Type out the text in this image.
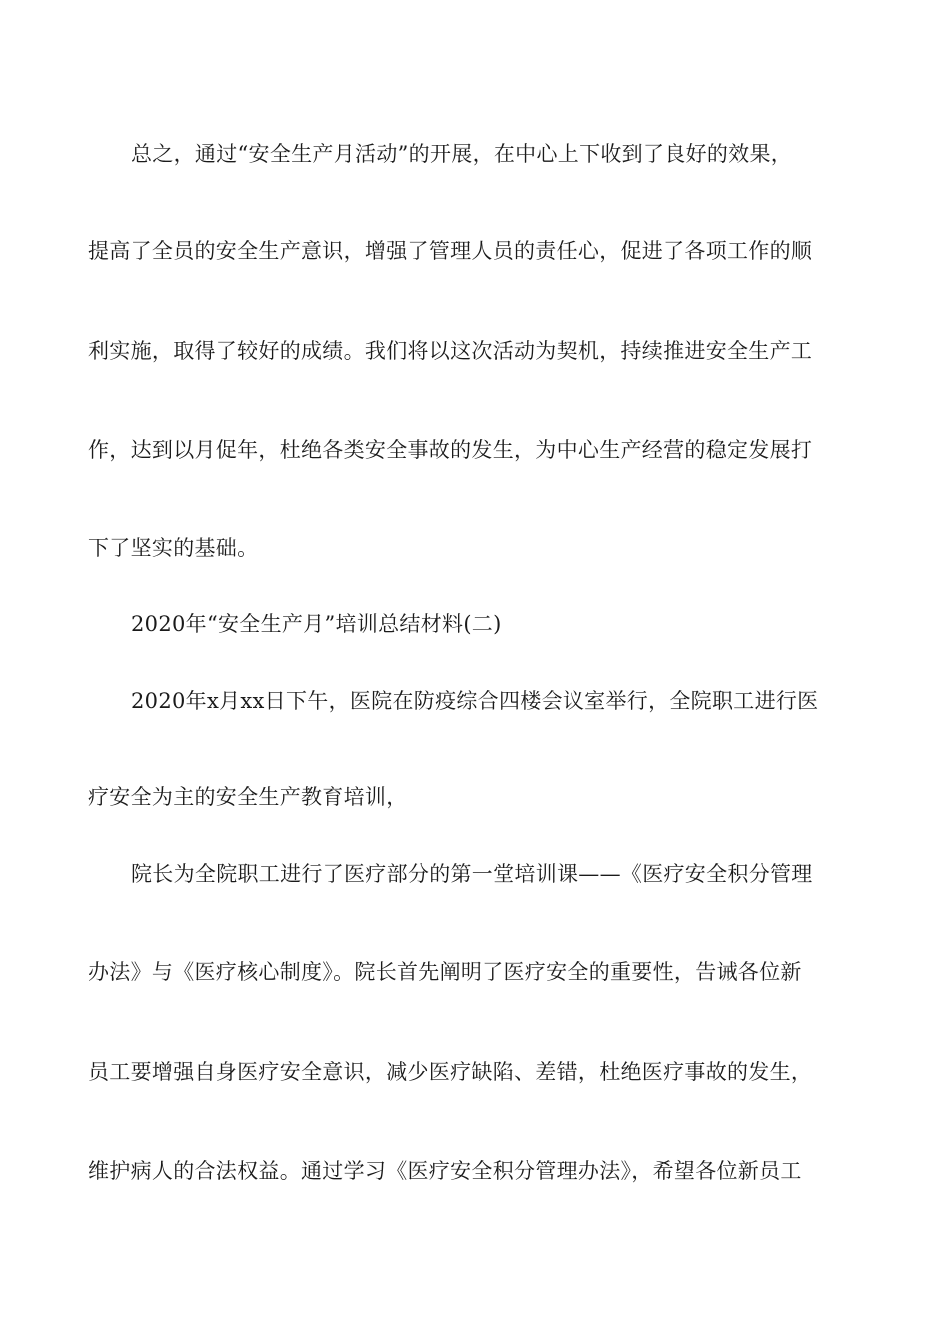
总之，通过“安全生产月活动”的开展，在中心上下收到了良好的效果，
提高了全员的安全生产意识，增强了管理人员的责任心，促进了各项工作的顺
利实施，取得了较好的成绩。我们将以这次活动为契机，持续推进安全生产工
作，达到以月促年，杜绝各类安全事故的发生，为中心生产经营的稳定发展打
下了坚实的基础。
2020年“安全生产月”培训总结材料(二)
2020年x月xx日下午，医院在防疫综合四楼会议室举行，全院职工进行医
疗安全为主的安全生产教育培训，
院长为全院职工进行了医疗部分的第一堂培训课——《医疗安全积分管理
办法》与《医疗核心制度》。院长首先阐明了医疗安全的重要性，告诫各位新
员工要增强自身医疗安全意识，减少医疗缺陷、差错，杜绝医疗事故的发生，
维护病人的合法权益。通过学习《医疗安全积分管理办法》，希望各位新员工
